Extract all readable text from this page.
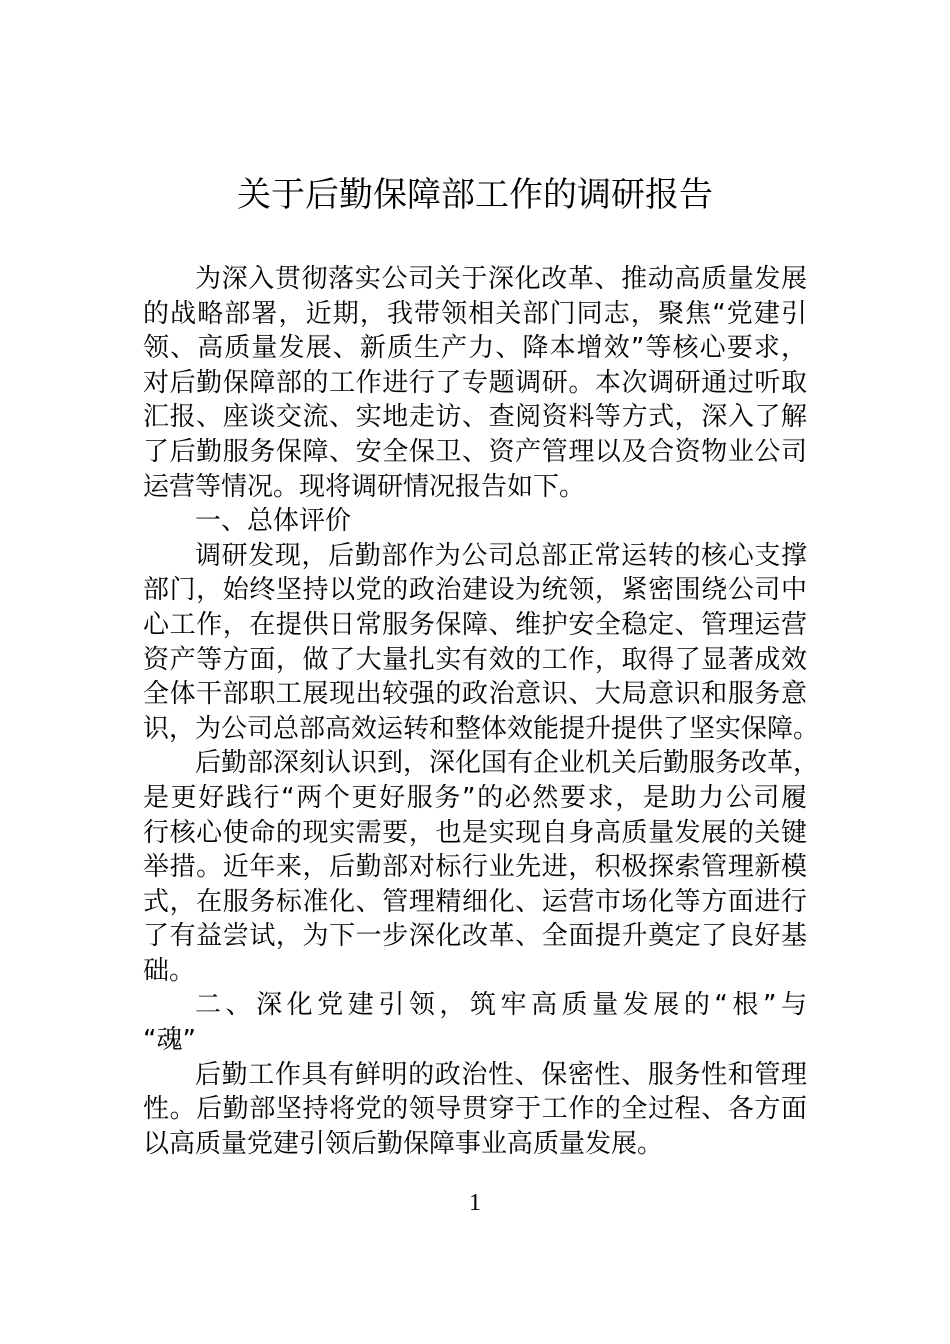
关于后勤保障部工作的调研报告
为深入贯彻落实公司关于深化改革、推动高质量发展
的战略部署，近期，我带领相关部门同志，聚焦“党建引
领、高质量发展、新质生产力、降本增效”等核心要求，
对后勤保障部的工作进行了专题调研。本次调研通过听取
汇报、座谈交流、实地走访、查阅资料等方式，深入了解
了后勤服务保障、安全保卫、资产管理以及合资物业公司
运营等情况。现将调研情况报告如下。
一、总体评价
调研发现，后勤部作为公司总部正常运转的核心支撑
部门，始终坚持以党的政治建设为统领，紧密围绕公司中
心工作，在提供日常服务保障、维护安全稳定、管理运营
资产等方面，做了大量扎实有效的工作，取得了显著成效
全体干部职工展现出较强的政治意识、大局意识和服务意
识，为公司总部高效运转和整体效能提升提供了坚实保障。
后勤部深刻认识到，深化国有企业机关后勤服务改革，
是更好践行“两个更好服务”的必然要求，是助力公司履
行核心使命的现实需要，也是实现自身高质量发展的关键
举措。近年来，后勤部对标行业先进，积极探索管理新模
式，在服务标准化、管理精细化、运营市场化等方面进行
了有益尝试，为下一步深化改革、全面提升奠定了良好基
础。
二、深化党建引领，筑牢高质量发展的“根”与
“魂”
后勤工作具有鲜明的政治性、保密性、服务性和管理
性。后勤部坚持将党的领导贯穿于工作的全过程、各方面
以高质量党建引领后勤保障事业高质量发展。
1
